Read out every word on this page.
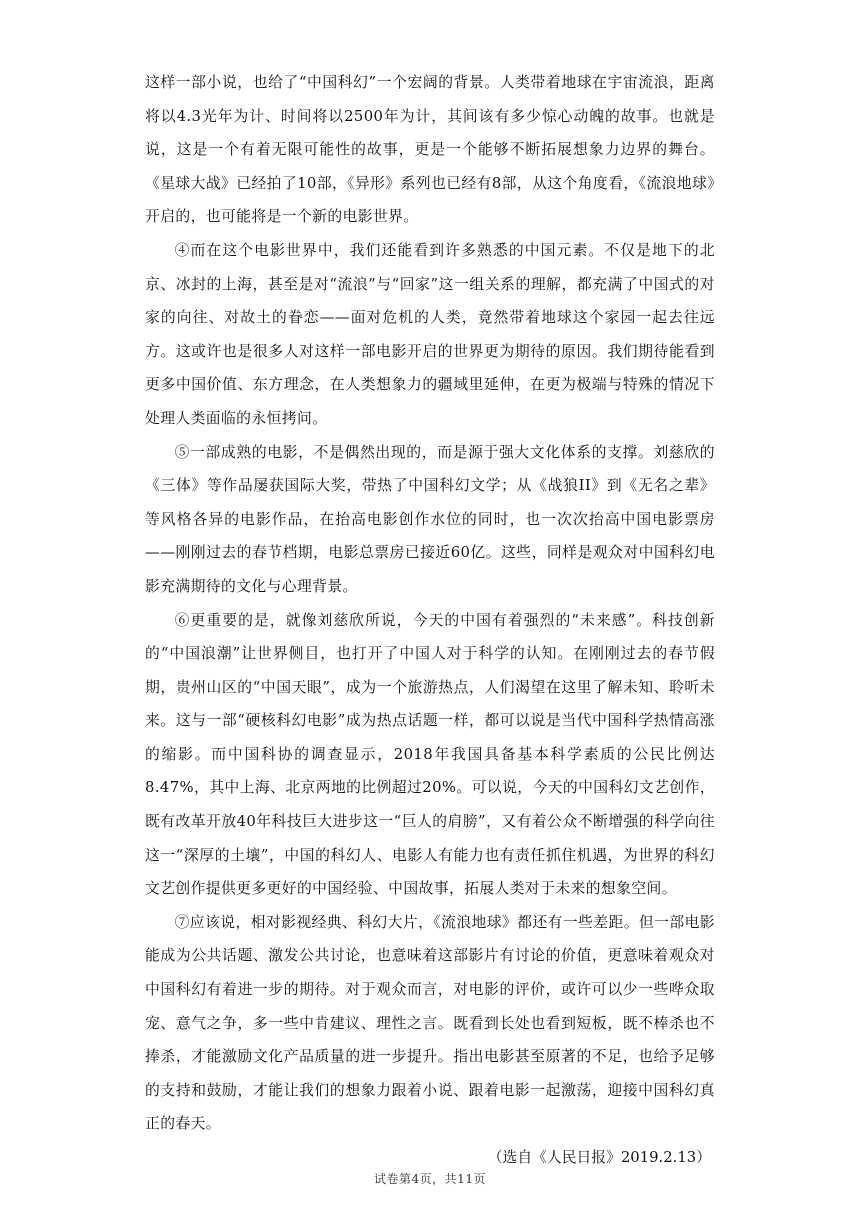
这样一部小说，也给了“中国科幻”一个宏阔的背景。人类带着地球在宇宙流浪，距离将以4.3光年为计、时间将以2500年为计，其间该有多少惊心动魄的故事。也就是说，这是一个有着无限可能性的故事，更是一个能够不断拓展想象力边界的舞台。《星球大战》已经拍了10部，《异形》系列也已经有8部，从这个角度看，《流浪地球》开启的，也可能将是一个新的电影世界。

④而在这个电影世界中，我们还能看到许多熟悉的中国元素。不仅是地下的北京、冰封的上海，甚至是对“流浪”与“回家”这一组关系的理解，都充满了中国式的对家的向往、对故土的眷恋——面对危机的人类，竟然带着地球这个家园一起去往远方。这或许也是很多人对这样一部电影开启的世界更为期待的原因。我们期待能看到更多中国价值、东方理念，在人类想象力的疆域里延伸，在更为极端与特殊的情况下处理人类面临的永恒拷问。

⑤一部成熟的电影，不是偶然出现的，而是源于强大文化体系的支撑。刘慈欣的《三体》等作品屡获国际大奖，带热了中国科幻文学；从《战狼II》到《无名之辈》等风格各异的电影作品，在抬高电影创作水位的同时，也一次次抬高中国电影票房——刚刚过去的春节档期，电影总票房已接近60亿。这些，同样是观众对中国科幻电影充满期待的文化与心理背景。

⑥更重要的是，就像刘慈欣所说，今天的中国有着强烈的“未来感”。科技创新的“中国浪潮”让世界侧目，也打开了中国人对于科学的认知。在刚刚过去的春节假期，贵州山区的“中国天眼”，成为一个旅游热点，人们渴望在这里了解未知、聆听未来。这与一部“硬核科幻电影”成为热点话题一样，都可以说是当代中国科学热情高涨的缩影。而中国科协的调查显示，2018年我国具备基本科学素质的公民比例达8.47%，其中上海、北京两地的比例超过20%。可以说，今天的中国科幻文艺创作，既有改革开放40年科技巨大进步这一“巨人的肩膀”，又有着公众不断增强的科学向往这一“深厚的土壤”，中国的科幻人、电影人有能力也有责任抓住机遇，为世界的科幻文艺创作提供更多更好的中国经验、中国故事，拓展人类对于未来的想象空间。

⑦应该说，相对影视经典、科幻大片，《流浪地球》都还有一些差距。但一部电影能成为公共话题、激发公共讨论，也意味着这部影片有讨论的价值，更意味着观众对中国科幻有着进一步的期待。对于观众而言，对电影的评价，或许可以少一些哗众取宠、意气之争，多一些中肯建议、理性之言。既看到长处也看到短板，既不棒杀也不捧杀，才能激励文化产品质量的进一步提升。指出电影甚至原著的不足，也给予足够的支持和鼓励，才能让我们的想象力跟着小说、跟着电影一起激荡，迎接中国科幻真正的春天。

（选自《人民日报》2019.2.13）

试卷第4页，共11页
